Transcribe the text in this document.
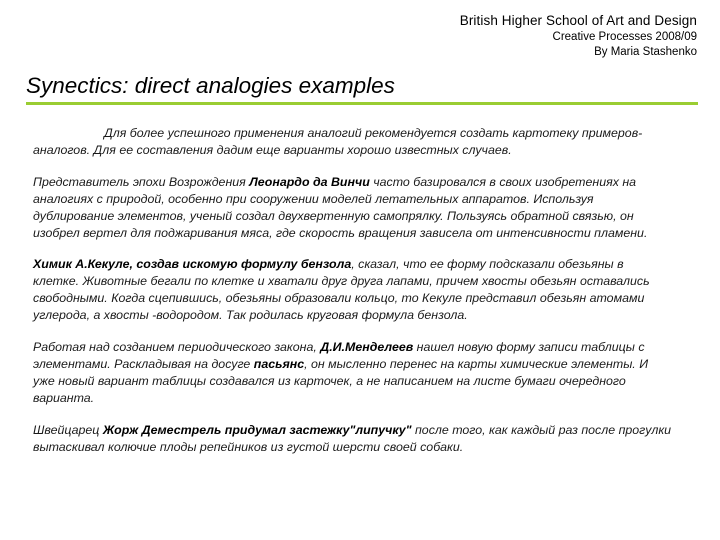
British Higher School of Art and Design
Creative Processes 2008/09
By Maria Stashenko
Synectics: direct analogies examples

Для более успешного применения аналогий рекомендуется создать картотеку примеров-аналогов. Для ее составления дадим еще варианты хорошо известных случаев.

Представитель эпохи Возрождения Леонардо да Винчи часто базировался в своих изобретениях на аналогиях с природой, особенно при сооружении моделей летательных аппаратов. Используя дублирование элементов, ученый создал двухвертенную самопрялку. Пользуясь обратной связью, он изобрел вертел для поджаривания мяса, где скорость вращения зависела от интенсивности пламени.

Химик А.Кекуле, создав искомую формулу бензола, сказал, что ее форму подсказали обезьяны в клетке. Животные бегали по клетке и хватали друг друга лапами, причем хвосты обезьян оставались свободными. Когда сцепившись, обезьяны образовали кольцо, то Кекуле представил обезьян атомами углерода, а хвосты -водородом. Так родилась круговая формула бензола.

Работая над созданием периодического закона, Д.И.Менделеев нашел новую форму записи таблицы с элементами. Раскладывая на досуге пасьянс, он мысленно перенес на карты химические элементы. И уже новый вариант таблицы создавался из карточек, а не написанием на листе бумаги очередного варианта.

Швейцарец Жорж Деместрель придумал застежку"липучку" после того, как каждый раз после прогулки вытаскивал колючие плоды репейников из густой шерсти своей собаки.
